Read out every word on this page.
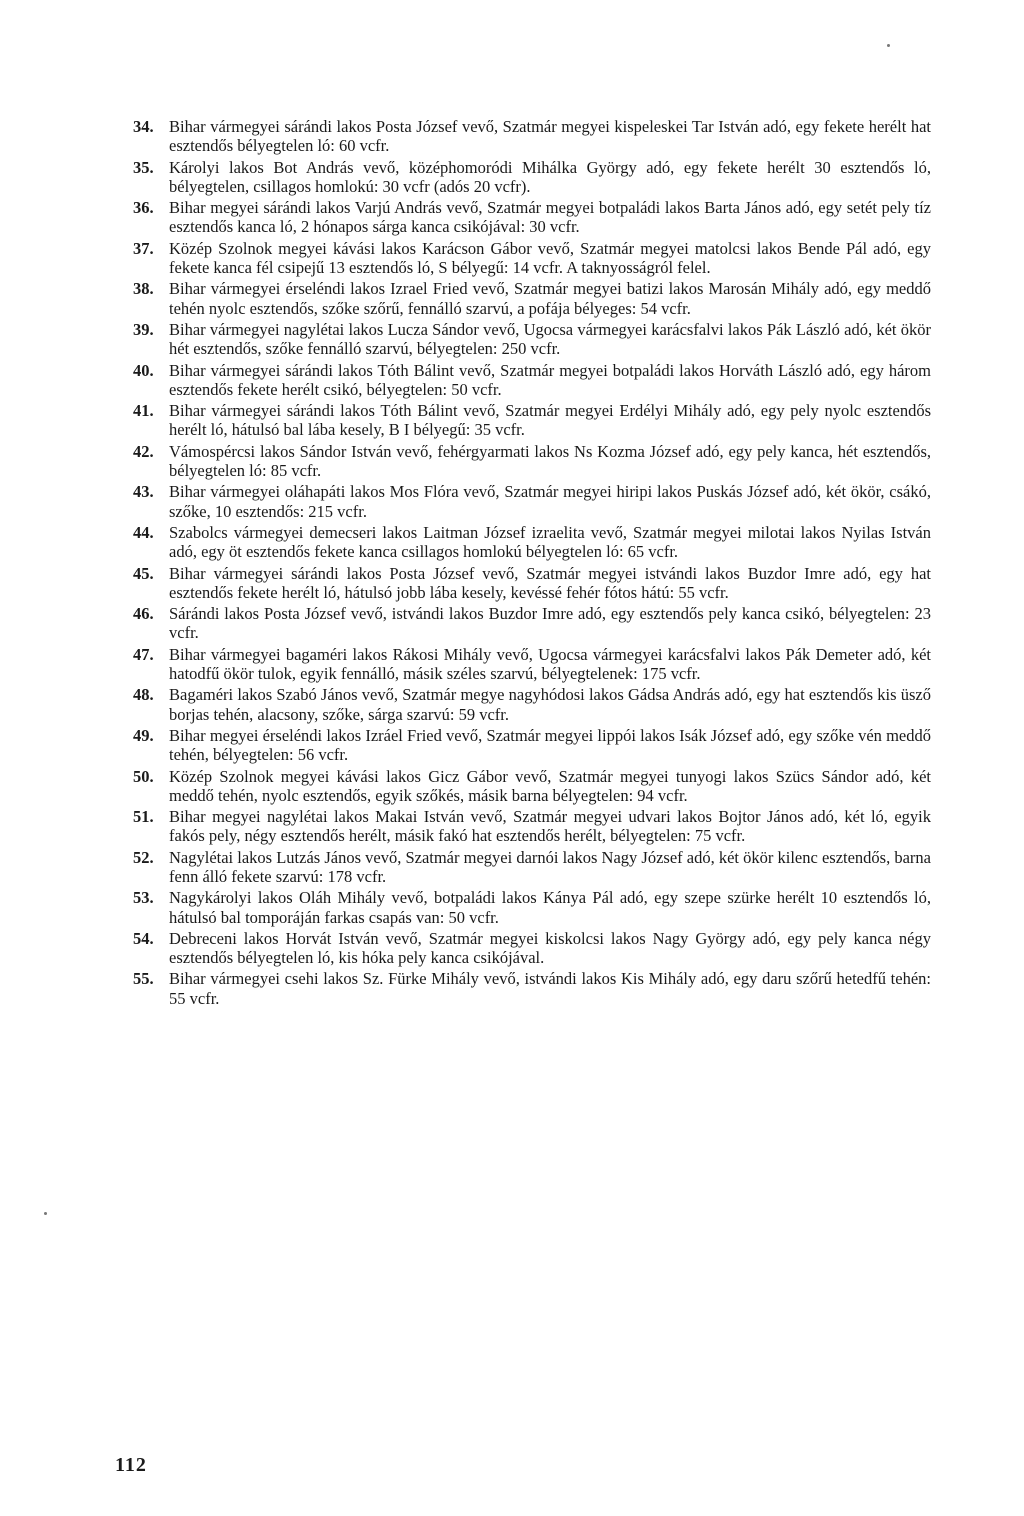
34. Bihar vármegyei sárándi lakos Posta József vevő, Szatmár megyei kispeleskei Tar István adó, egy fekete herélt hat esztendős bélyegtelen ló: 60 vcfr.
35. Károlyi lakos Bot András vevő, középhomoródi Mihálka György adó, egy fekete herélt 30 esztendős ló, bélyegtelen, csillagos homlokú: 30 vcfr (adós 20 vcfr).
36. Bihar megyei sárándi lakos Varjú András vevő, Szatmár megyei botpaládi lakos Barta János adó, egy setét pely tíz esztendős kanca ló, 2 hónapos sárga kanca csikójával: 30 vcfr.
37. Közép Szolnok megyei kávási lakos Karácson Gábor vevő, Szatmár megyei matolcsi lakos Bende Pál adó, egy fekete kanca fél csipejű 13 esztendős ló, S bélyegű: 14 vcfr. A taknyosságról felel.
38. Bihar vármegyei érseléndi lakos Izrael Fried vevő, Szatmár megyei batizi lakos Marosán Mihály adó, egy meddő tehén nyolc esztendős, szőke szőrű, fennálló szarvú, a pofája bélyeges: 54 vcfr.
39. Bihar vármegyei nagylétai lakos Lucza Sándor vevő, Ugocsa vármegyei karácsfalvi lakos Pák László adó, két ökör hét esztendős, szőke fennálló szarvú, bélyegtelen: 250 vcfr.
40. Bihar vármegyei sárándi lakos Tóth Bálint vevő, Szatmár megyei botpaládi lakos Horváth László adó, egy három esztendős fekete herélt csikó, bélyegtelen: 50 vcfr.
41. Bihar vármegyei sárándi lakos Tóth Bálint vevő, Szatmár megyei Erdélyi Mihály adó, egy pely nyolc esztendős herélt ló, hátulsó bal lába kesely, B I bélyegű: 35 vcfr.
42. Vámospércsi lakos Sándor István vevő, fehérgyarmati lakos Ns Kozma József adó, egy pely kanca, hét esztendős, bélyegtelen ló: 85 vcfr.
43. Bihar vármegyei oláhapáti lakos Mos Flóra vevő, Szatmár megyei hiripi lakos Puskás József adó, két ökör, csákó, szőke, 10 esztendős: 215 vcfr.
44. Szabolcs vármegyei demecseri lakos Laitman József izraelita vevő, Szatmár megyei milotai lakos Nyilas István adó, egy öt esztendős fekete kanca csillagos homlokú bélyegtelen ló: 65 vcfr.
45. Bihar vármegyei sárándi lakos Posta József vevő, Szatmár megyei istvándi lakos Buzdor Imre adó, egy hat esztendős fekete herélt ló, hátulsó jobb lába kesely, kevéssé fehér fótos hátú: 55 vcfr.
46. Sárándi lakos Posta József vevő, istvándi lakos Buzdor Imre adó, egy esztendős pely kanca csikó, bélyegtelen: 23 vcfr.
47. Bihar vármegyei bagaméri lakos Rákosi Mihály vevő, Ugocsa vármegyei karácsfalvi lakos Pák Demeter adó, két hatodfű ökör tulok, egyik fennálló, másik széles szarvú, bélyegtelenek: 175 vcfr.
48. Bagaméri lakos Szabó János vevő, Szatmár megye nagyhódosi lakos Gádsa András adó, egy hat esztendős kis üsző borjas tehén, alacsony, szőke, sárga szarvú: 59 vcfr.
49. Bihar megyei érseléndi lakos Izráel Fried vevő, Szatmár megyei lippói lakos Isák József adó, egy szőke vén meddő tehén, bélyegtelen: 56 vcfr.
50. Közép Szolnok megyei kávási lakos Gicz Gábor vevő, Szatmár megyei tunyogi lakos Szücs Sándor adó, két meddő tehén, nyolc esztendős, egyik szőkés, másik barna bélyegtelen: 94 vcfr.
51. Bihar megyei nagylétai lakos Makai István vevő, Szatmár megyei udvari lakos Bojtor János adó, két ló, egyik fakós pely, négy esztendős herélt, másik fakó hat esztendős herélt, bélyegtelen: 75 vcfr.
52. Nagylétai lakos Lutzás János vevő, Szatmár megyei darnói lakos Nagy József adó, két ökör kilenc esztendős, barna fenn álló fekete szarvú: 178 vcfr.
53. Nagykárolyi lakos Oláh Mihály vevő, botpaládi lakos Kánya Pál adó, egy szepe szürke herélt 10 esztendős ló, hátulsó bal tomporáján farkas csapás van: 50 vcfr.
54. Debreceni lakos Horvát István vevő, Szatmár megyei kiskolcsi lakos Nagy György adó, egy pely kanca négy esztendős bélyegtelen ló, kis hóka pely kanca csikójával.
55. Bihar vármegyei csehi lakos Sz. Fürke Mihály vevő, istvándi lakos Kis Mihály adó, egy daru szőrű hetedfű tehén: 55 vcfr.
112
